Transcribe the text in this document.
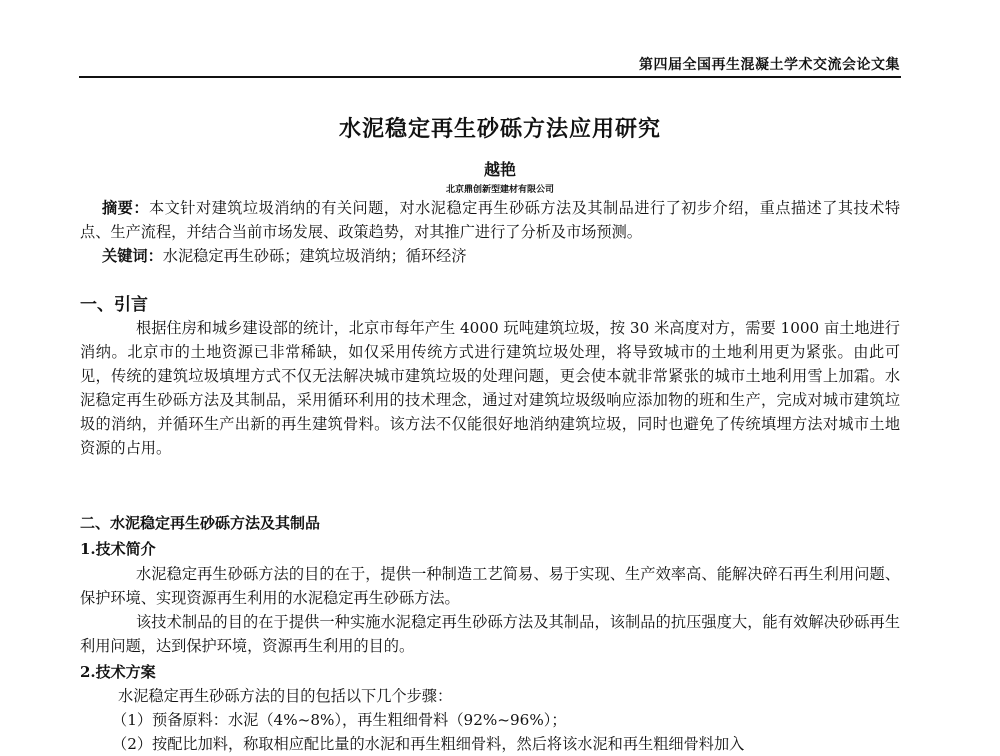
第四届全国再生混凝土学术交流会论文集
水泥稳定再生砂砾方法应用研究
越艳
北京鼎创新型建材有限公司
摘要：本文针对建筑垃圾消纳的有关问题，对水泥稳定再生砂砾方法及其制品进行了初步介绍，重点描述了其技术特点、生产流程，并结合当前市场发展、政策趋势，对其推广进行了分析及市场预测。
关键词：水泥稳定再生砂砾；建筑垃圾消纳；循环经济
一、引言
根据住房和城乡建设部的统计，北京市每年产生 4000 玩吨建筑垃圾，按 30 米高度对方，需要 1000 亩土地进行消纳。北京市的土地资源已非常稀缺，如仅采用传统方式进行建筑垃圾处理，将导致城市的土地利用更为紧张。由此可见，传统的建筑垃圾填埋方式不仅无法解决城市建筑垃圾的处理问题，更会使本就非常紧张的城市土地利用雪上加霜。水泥稳定再生砂砾方法及其制品，采用循环利用的技术理念，通过对建筑垃圾级响应添加物的班和生产，完成对城市建筑垃圾的消纳，并循环生产出新的再生建筑骨料。该方法不仅能很好地消纳建筑垃圾，同时也避免了传统填埋方法对城市土地资源的占用。
二、水泥稳定再生砂砾方法及其制品
1.技术简介
水泥稳定再生砂砾方法的目的在于，提供一种制造工艺简易、易于实现、生产效率高、能解决碎石再生利用问题、保护环境、实现资源再生利用的水泥稳定再生砂砾方法。
该技术制品的目的在于提供一种实施水泥稳定再生砂砾方法及其制品，该制品的抗压强度大，能有效解决砂砾再生利用问题，达到保护环境，资源再生利用的目的。
2.技术方案
水泥稳定再生砂砾方法的目的包括以下几个步骤：
（1）预备原料：水泥（4%~8%），再生粗细骨料（92%~96%）；
（2）按配比加料，称取相应配比量的水泥和再生粗细骨料，然后将该水泥和再生粗细骨料加入
